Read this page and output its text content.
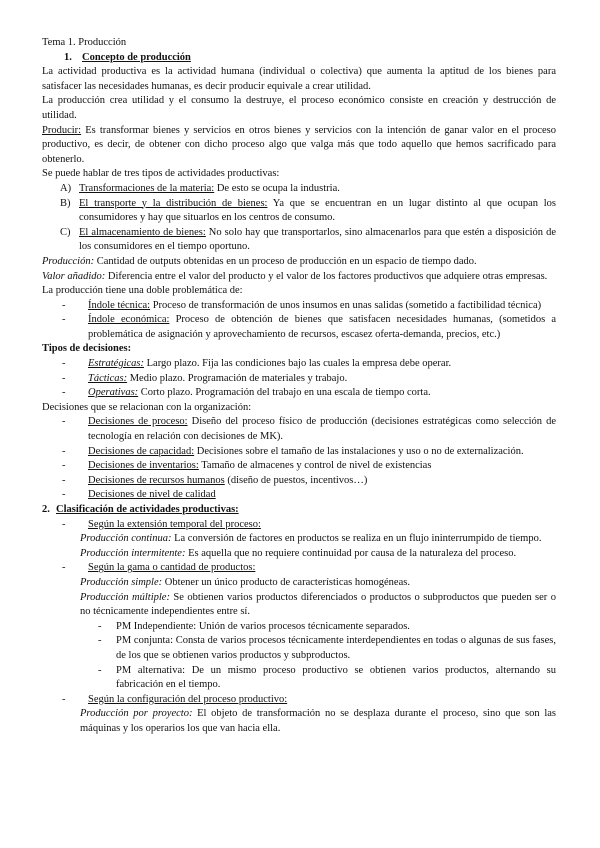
Tema 1. Producción

1. Concepto de producción

La actividad productiva es la actividad humana (individual o colectiva) que aumenta la aptitud de los bienes para satisfacer las necesidades humanas, es decir producir equivale a crear utilidad.

La producción crea utilidad y el consumo la destruye, el proceso económico consiste en creación y destrucción de utilidad.

Producir: Es transformar bienes y servicios en otros bienes y servicios con la intención de ganar valor en el proceso productivo, es decir, de obtener con dicho proceso algo que valga más que todo aquello que hemos sacrificado para obtenerlo.

Se puede hablar de tres tipos de actividades productivas:

A) Transformaciones de la materia: De esto se ocupa la industria.
B) El transporte y la distribución de bienes: Ya que se encuentran en un lugar distinto al que ocupan los consumidores y hay que situarlos en los centros de consumo.
C) El almacenamiento de bienes: No solo hay que transportarlos, sino almacenarlos para que estén a disposición de los consumidores en el tiempo oportuno.

Producción: Cantidad de outputs obtenidas en un proceso de producción en un espacio de tiempo dado.

Valor añadido: Diferencia entre el valor del producto y el valor de los factores productivos que adquiere otras empresas.

La producción tiene una doble problemática de:

-	Índole técnica: Proceso de transformación de unos insumos en unas salidas (sometido a factibilidad técnica)
-	Índole económica: Proceso de obtención de bienes que satisfacen necesidades humanas, (sometidos a problemática de asignación y aprovechamiento de recursos, escasez oferta-demanda, precios, etc.)

Tipos de decisiones:

-	Estratégicas: Largo plazo. Fija las condiciones bajo las cuales la empresa debe operar.
-	Tácticas: Medio plazo. Programación de materiales y trabajo.
-	Operativas: Corto plazo. Programación del trabajo en una escala de tiempo corta.

Decisiones que se relacionan con la organización:

-	Decisiones de proceso: Diseño del proceso físico de producción (decisiones estratégicas como selección de tecnología en relación con decisiones de MK).
-	Decisiones de capacidad: Decisiones sobre el tamaño de las instalaciones y uso o no de externalización.
-	Decisiones de inventarios: Tamaño de almacenes y control de nivel de existencias
-	Decisiones de recursos humanos (diseño de puestos, incentivos…)
-	Decisiones de nivel de calidad
2. Clasificación de actividades productivas:
-	Según la extensión temporal del proceso:

Producción continua: La conversión de factores en productos se realiza en un flujo ininterrumpido de tiempo.

Producción intermitente: Es aquella que no requiere continuidad por causa de la naturaleza del proceso.

-	Según la gama o cantidad de productos:

Producción simple: Obtener un único producto de características homogéneas.

Producción múltiple: Se obtienen varios productos diferenciados o productos o subproductos que pueden ser o no técnicamente independientes entre sí.

-	PM Independiente: Unión de varios procesos técnicamente separados.
-	PM conjunta: Consta de varios procesos técnicamente interdependientes en todas o algunas de sus fases, de los que se obtienen varios productos y subproductos.
-	PM alternativa: De un mismo proceso productivo se obtienen varios productos, alternando su fabricación en el tiempo.
-	Según la configuración del proceso productivo:

Producción por proyecto: El objeto de transformación no se desplaza durante el proceso, sino que son las máquinas y los operarios los que van hacia ella.
